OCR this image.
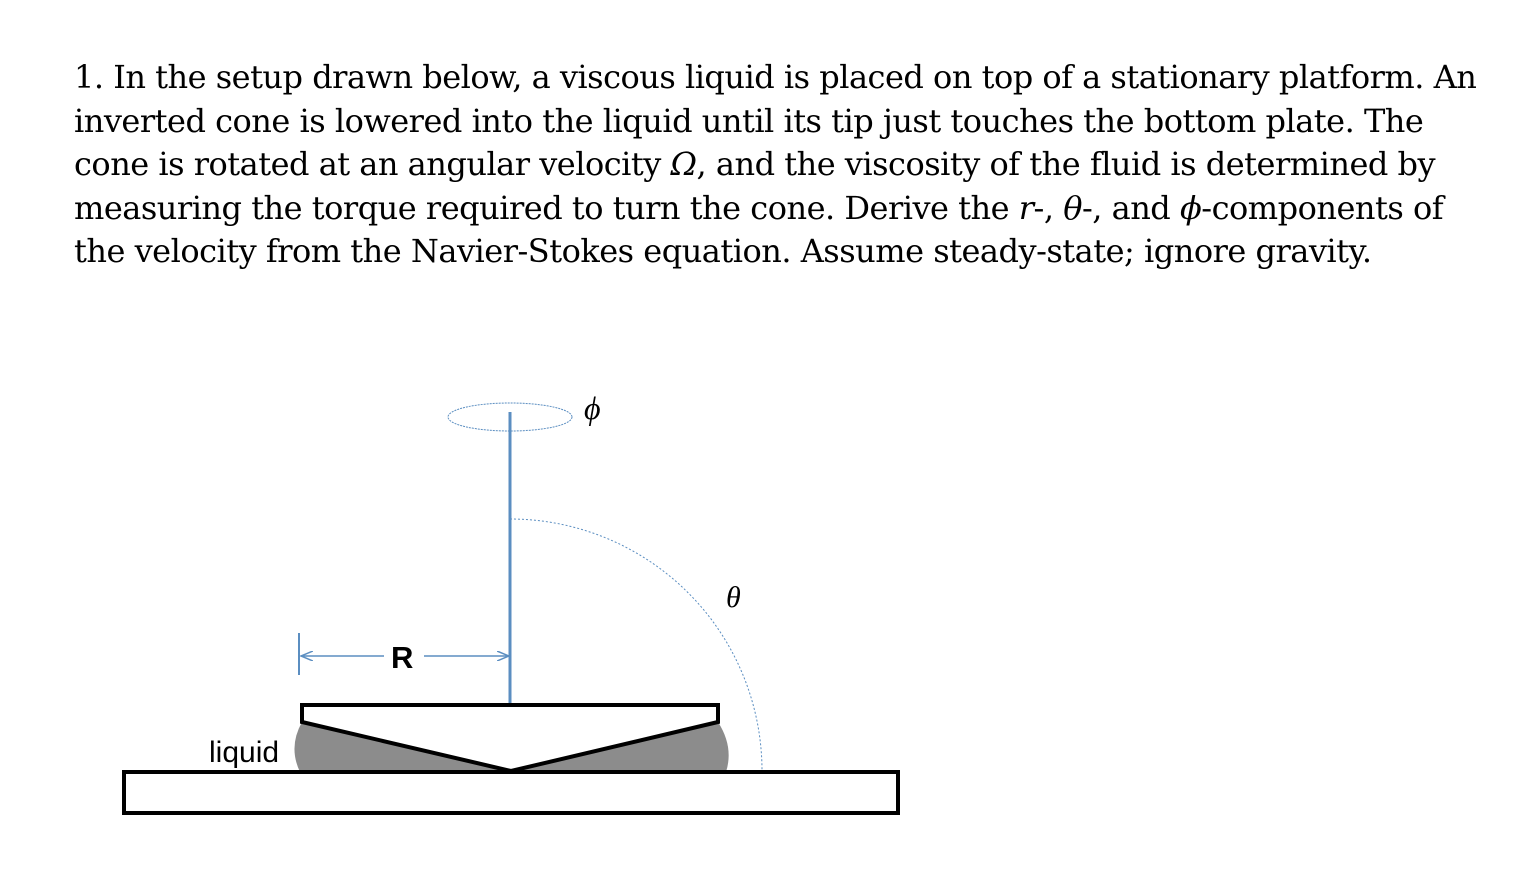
1. In the setup drawn below, a viscous liquid is placed on top of a stationary platform. An inverted cone is lowered into the liquid until its tip just touches the bottom plate. The cone is rotated at an angular velocity Ω, and the viscosity of the fluid is determined by measuring the torque required to turn the cone. Derive the r-, θ-, and ϕ-components of the velocity from the Navier-Stokes equation. Assume steady-state; ignore gravity.

ϕ
θ
R
liquid
